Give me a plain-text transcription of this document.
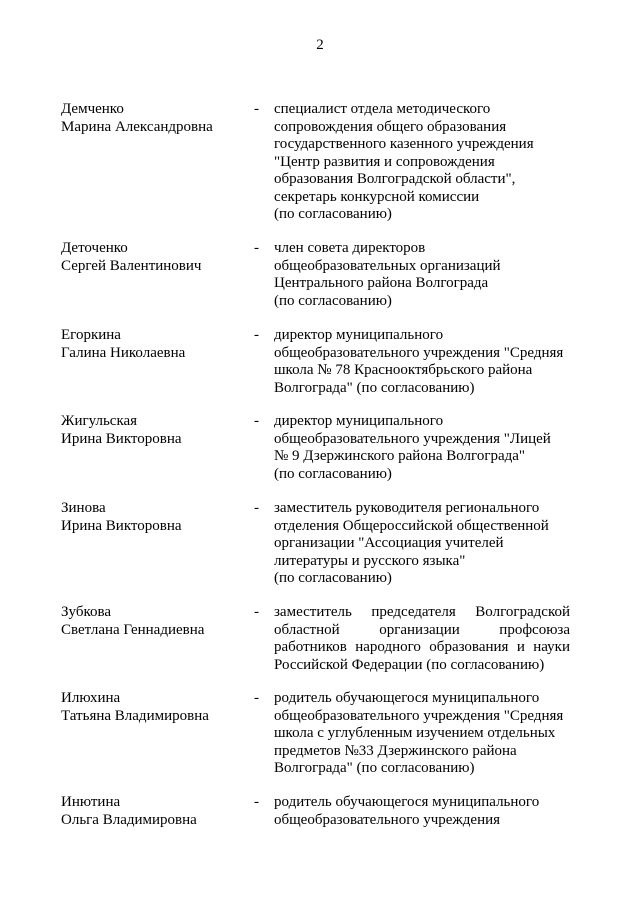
2
Демченко
Марина Александровна
- специалист отдела методического
сопровождения общего образования
государственного казенного учреждения
"Центр развития и сопровождения
образования Волгоградской области",
секретарь конкурсной комиссии
(по согласованию)
Деточенко
Сергей Валентинович
- член совета директоров
общеобразовательных организаций
Центрального района Волгограда
(по согласованию)
Егоркина
Галина Николаевна
- директор муниципального
общеобразовательного учреждения "Средняя
школа № 78 Краснооктябрьского района
Волгограда" (по согласованию)
Жигульская
Ирина Викторовна
- директор муниципального
общеобразовательного учреждения "Лицей
№ 9 Дзержинского района Волгограда"
(по согласованию)
Зинова
Ирина Викторовна
- заместитель руководителя регионального
отделения Общероссийской общественной
организации "Ассоциация учителей
литературы и русского языка"
(по согласованию)
Зубкова
Светлана Геннадиевна
- заместитель председателя Волгоградской
областной организации профсоюза
работников народного образования и науки
Российской Федерации (по согласованию)
Илюхина
Татьяна Владимировна
- родитель обучающегося муниципального
общеобразовательного учреждения "Средняя
школа с углубленным изучением отдельных
предметов №33 Дзержинского района
Волгограда" (по согласованию)
Инютина
Ольга Владимировна
- родитель обучающегося муниципального
общеобразовательного учреждения
